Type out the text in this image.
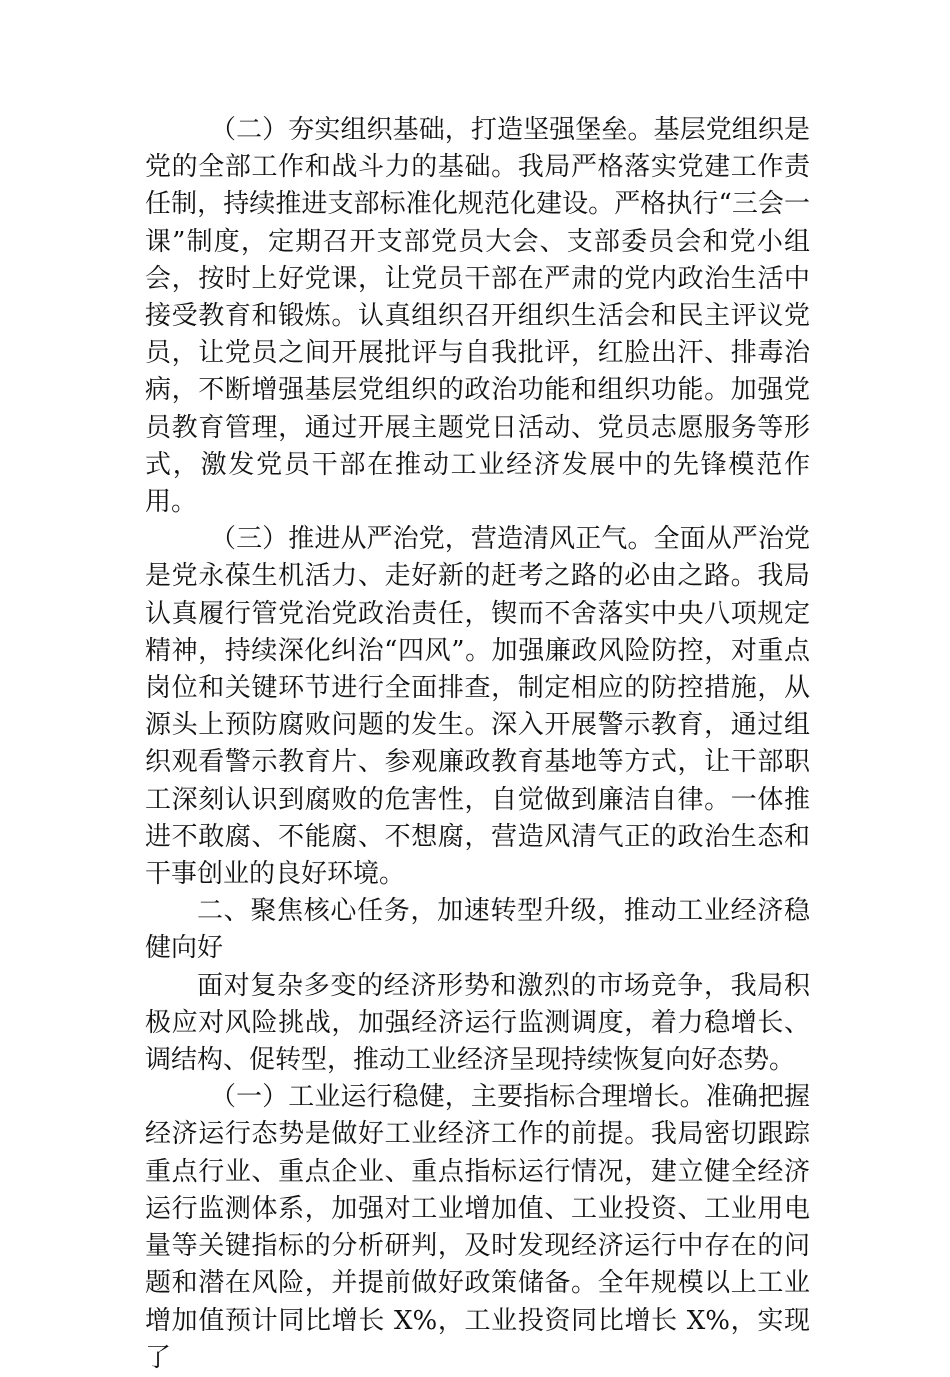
（二）夯实组织基础，打造坚强堡垒。基层党组织是党的全部工作和战斗力的基础。我局严格落实党建工作责任制，持续推进支部标准化规范化建设。严格执行“三会一课”制度，定期召开支部党员大会、支部委员会和党小组会，按时上好党课，让党员干部在严肃的党内政治生活中接受教育和锻炼。认真组织召开组织生活会和民主评议党员，让党员之间开展批评与自我批评，红脸出汗、排毒治病，不断增强基层党组织的政治功能和组织功能。加强党员教育管理，通过开展主题党日活动、党员志愿服务等形式，激发党员干部在推动工业经济发展中的先锋模范作用。

（三）推进从严治党，营造清风正气。全面从严治党是党永葆生机活力、走好新的赶考之路的必由之路。我局认真履行管党治党政治责任，锲而不舍落实中央八项规定精神，持续深化纠治“四风”。加强廉政风险防控，对重点岗位和关键环节进行全面排查，制定相应的防控措施，从源头上预防腐败问题的发生。深入开展警示教育，通过组织观看警示教育片、参观廉政教育基地等方式，让干部职工深刻认识到腐败的危害性，自觉做到廉洁自律。一体推进不敢腐、不能腐、不想腐，营造风清气正的政治生态和干事创业的良好环境。

二、聚焦核心任务，加速转型升级，推动工业经济稳健向好

面对复杂多变的经济形势和激烈的市场竞争，我局积极应对风险挑战，加强经济运行监测调度，着力稳增长、调结构、促转型，推动工业经济呈现持续恢复向好态势。

（一）工业运行稳健，主要指标合理增长。准确把握经济运行态势是做好工业经济工作的前提。我局密切跟踪重点行业、重点企业、重点指标运行情况，建立健全经济运行监测体系，加强对工业增加值、工业投资、工业用电量等关键指标的分析研判，及时发现经济运行中存在的问题和潜在风险，并提前做好政策储备。全年规模以上工业增加值预计同比增长 X%，工业投资同比增长 X%，实现了
